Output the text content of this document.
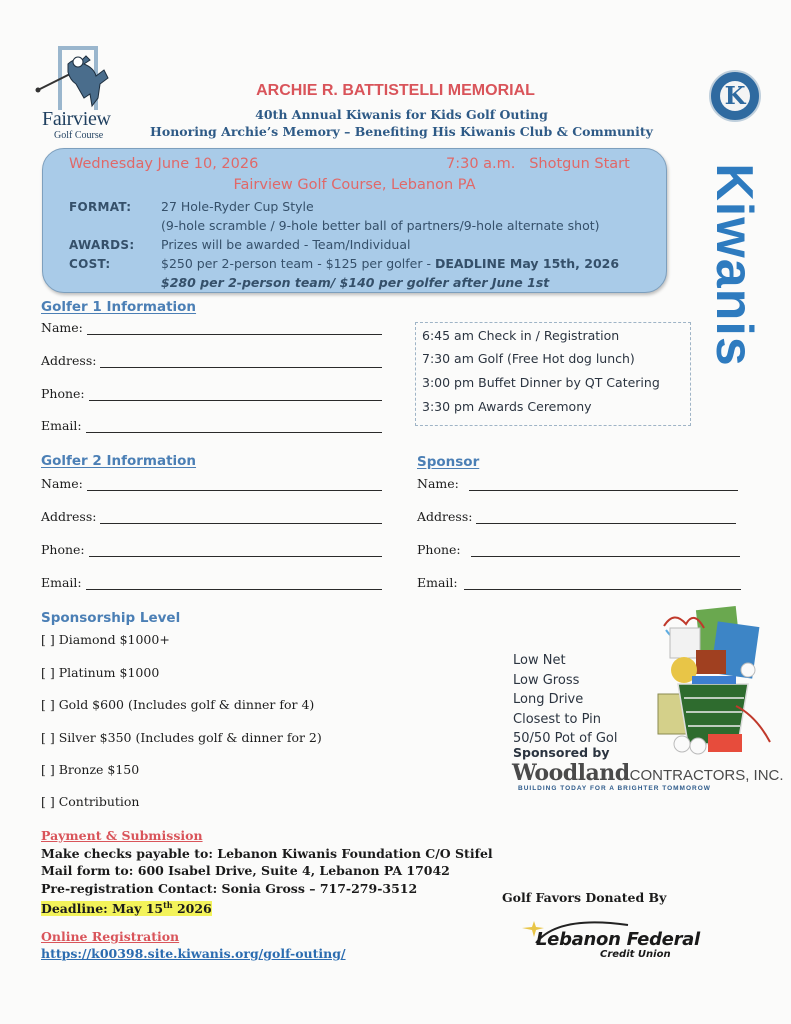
Fairview
Golf Course
ARCHIE R. BATTISTELLI MEMORIAL
40th Annual Kiwanis for Kids Golf Outing
Honoring Archie’s Memory – Benefiting His Kiwanis Club & Community
K
Kiwanis
Wednesday June 10, 2026	7:30 a.m.   Shotgun Start
Fairview Golf Course, Lebanon PA
FORMAT: 27 Hole-Ryder Cup Style
(9-hole scramble / 9-hole better ball of partners/9-hole alternate shot)
AWARDS: Prizes will be awarded - Team/Individual
COST:	$250 per 2-person team - $125 per golfer - DEADLINE May 15th, 2026
$280 per 2-person team/ $140 per golfer after June 1st
Golfer 1 Information
Name:
Address:
Phone:
Email:
6:45 am Check in / Registration
7:30 am Golf (Free Hot dog lunch)
3:00 pm Buffet Dinner by QT Catering
3:30 pm Awards Ceremony
Golfer 2 Information
Name:
Address:
Phone:
Email:
Sponsor
Name:
Address:
Phone:
Email:
Sponsorship Level
[ ] Diamond $1000+
[ ] Platinum $1000
[ ] Gold $600 (Includes golf & dinner for 4)
[ ] Silver $350 (Includes golf & dinner for 2)
[ ] Bronze $150
[ ] Contribution
Low Net
Low Gross
Long Drive
Closest to Pin
50/50 Pot of Gol
Sponsored by
WoodlandCONTRACTORS, INC.
BUILDING TODAY FOR A BRIGHTER TOMMOROW
Payment & Submission
Make checks payable to: Lebanon Kiwanis Foundation C/O Stifel
Mail form to: 600 Isabel Drive, Suite 4, Lebanon PA 17042
Pre-registration Contact: Sonia Gross – 717-279-3512
Deadline: May 15th 2026
Online Registration
https://k00398.site.kiwanis.org/golf-outing/
Golf Favors Donated By
Lebanon Federal
Credit Union
